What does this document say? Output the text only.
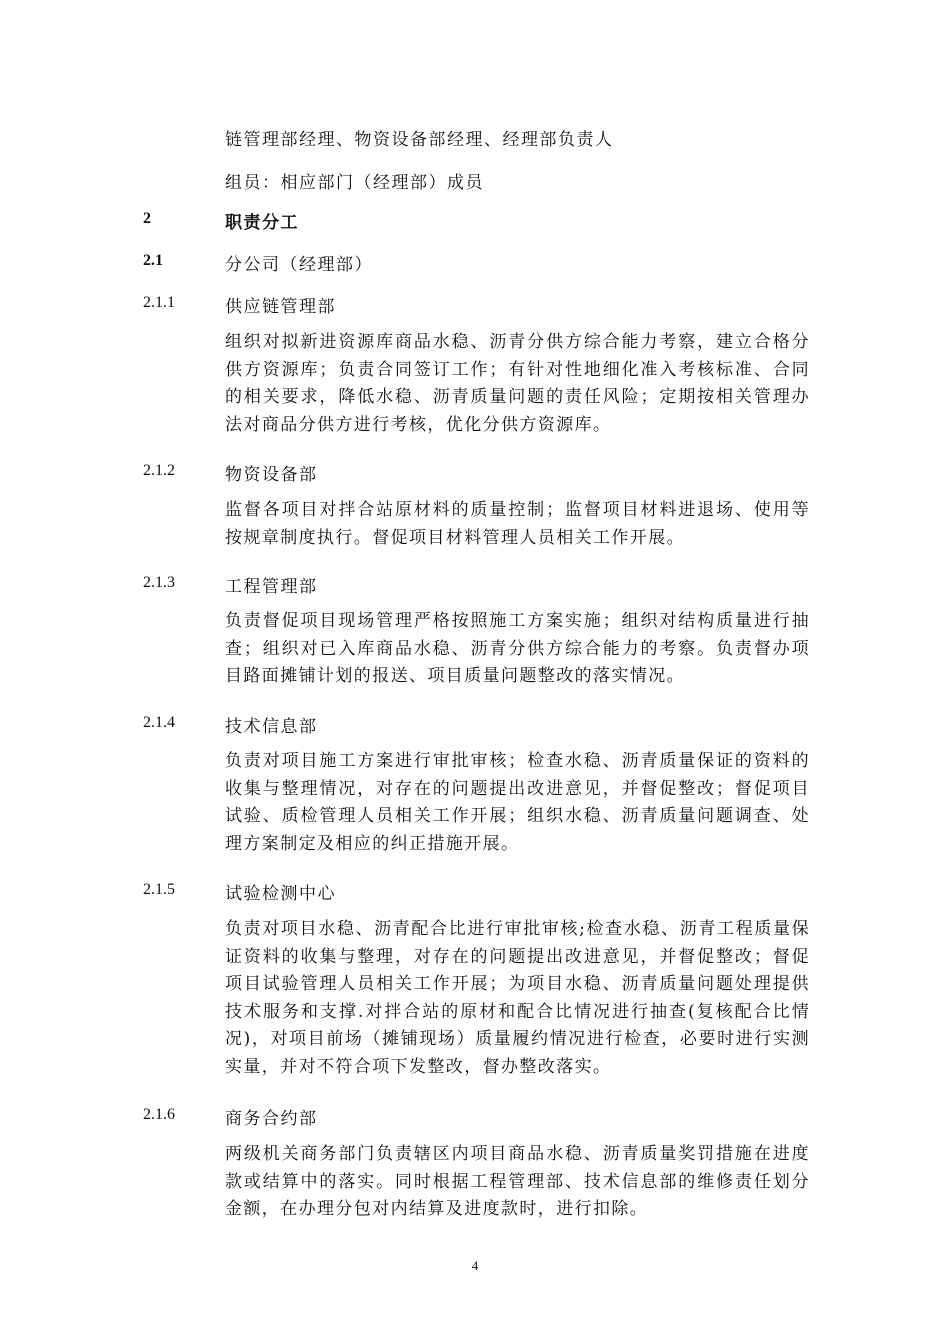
链管理部经理、物资设备部经理、经理部负责人
组员：相应部门（经理部）成员
2	职责分工
2.1	分公司（经理部）
2.1.1	供应链管理部
组织对拟新进资源库商品水稳、沥青分供方综合能力考察，建立合格分供方资源库；负责合同签订工作；有针对性地细化准入考核标准、合同的相关要求，降低水稳、沥青质量问题的责任风险；定期按相关管理办法对商品分供方进行考核，优化分供方资源库。
2.1.2	物资设备部
监督各项目对拌合站原材料的质量控制；监督项目材料进退场、使用等按规章制度执行。督促项目材料管理人员相关工作开展。
2.1.3	工程管理部
负责督促项目现场管理严格按照施工方案实施；组织对结构质量进行抽查；组织对已入库商品水稳、沥青分供方综合能力的考察。负责督办项目路面摊铺计划的报送、项目质量问题整改的落实情况。
2.1.4	技术信息部
负责对项目施工方案进行审批审核；检查水稳、沥青质量保证的资料的收集与整理情况，对存在的问题提出改进意见，并督促整改；督促项目试验、质检管理人员相关工作开展；组织水稳、沥青质量问题调查、处理方案制定及相应的纠正措施开展。
2.1.5	试验检测中心
负责对项目水稳、沥青配合比进行审批审核;检查水稳、沥青工程质量保证资料的收集与整理，对存在的问题提出改进意见，并督促整改；督促项目试验管理人员相关工作开展；为项目水稳、沥青质量问题处理提供技术服务和支撑.对拌合站的原材和配合比情况进行抽查(复核配合比情况)，对项目前场（摊铺现场）质量履约情况进行检查，必要时进行实测实量，并对不符合项下发整改，督办整改落实。
2.1.6	商务合约部
两级机关商务部门负责辖区内项目商品水稳、沥青质量奖罚措施在进度款或结算中的落实。同时根据工程管理部、技术信息部的维修责任划分金额，在办理分包对内结算及进度款时，进行扣除。
4
